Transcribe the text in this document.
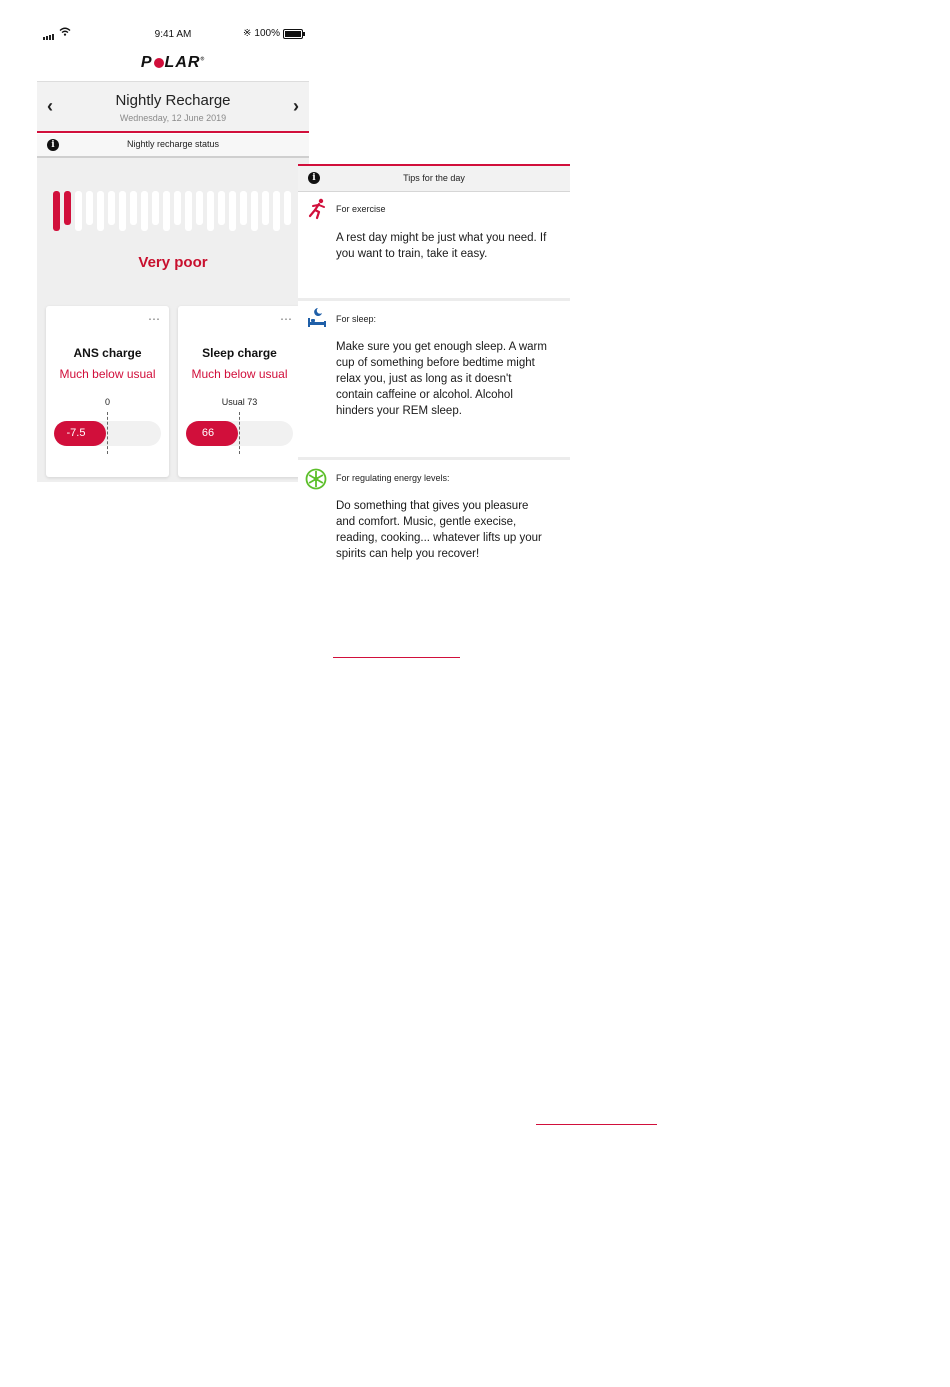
9:41 AM	※ 100%
P LAR®
‹	Nightly Recharge
Wednesday, 12 June 2019
›
i	Nightly recharge status
Very poor
⋯
ANS charge
Much below usual
0
-7.5
⋯
Sleep charge
Much below usual
Usual 73
66
i	Tips for the day
For exercise
A rest day might be just what you need. If you want to train, take it easy.
For sleep:
Make sure you get enough sleep. A warm cup of something before bedtime might relax you, just as long as it doesn't contain caffeine or alcohol. Alcohol hinders your REM sleep.
For regulating energy levels:
Do something that gives you pleasure and comfort. Music, gentle execise, reading, cooking... whatever lifts up your spirits can help you recover!
